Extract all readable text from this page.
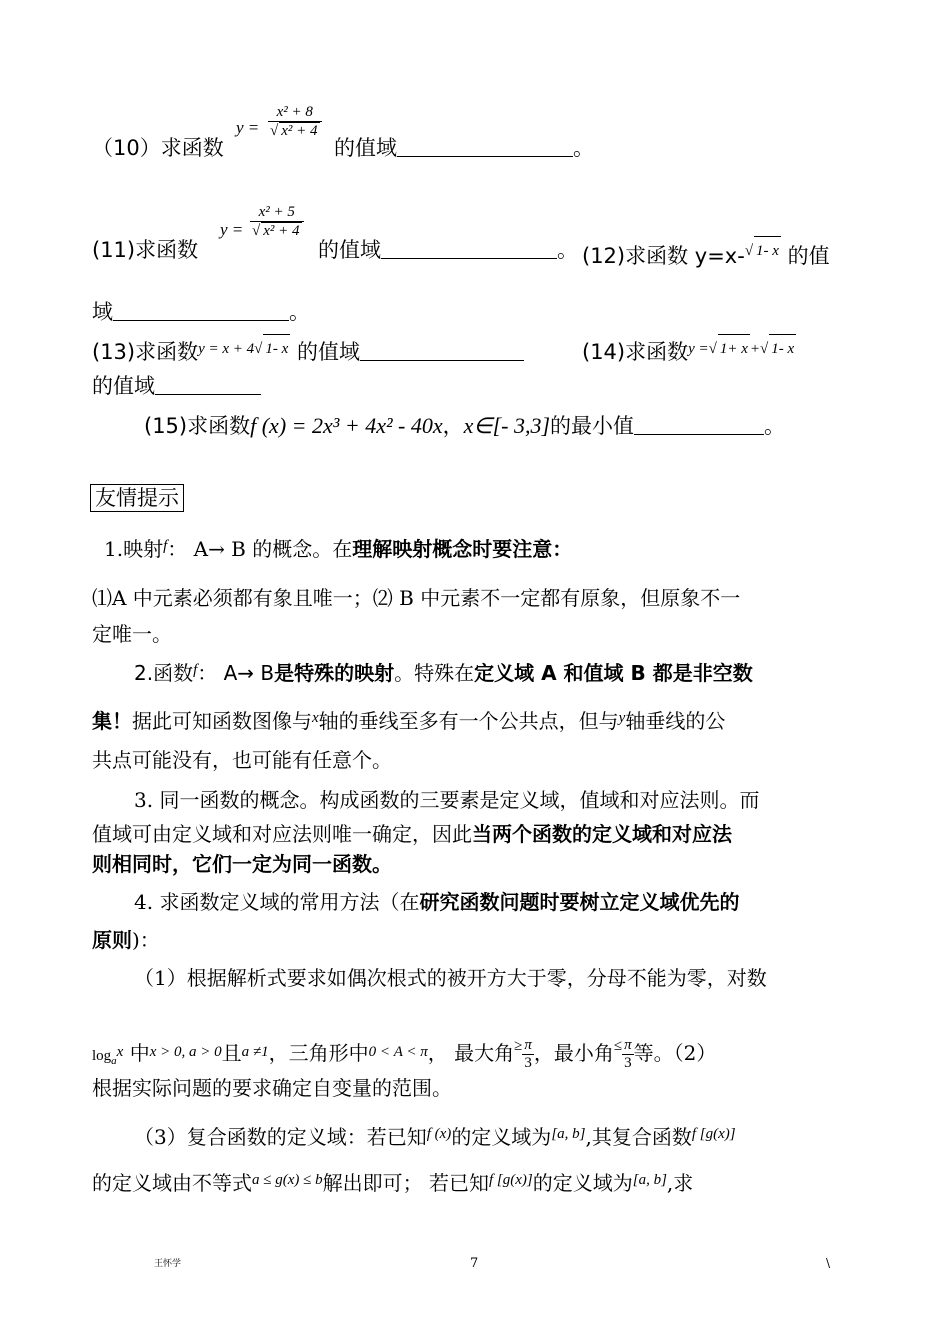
（10）求函数
$y = \frac{\text{x² + 8}}{\text{√ x² + 4}}$
的值域	。
(11)求函数
$y = \frac{\text{x² + 5}}{\text{√ x² + 4}}$
的值域	。 (12)求函数 y=x-$^{√ 1- x}$ 的值
域	。
(13)求函数$^{y = x + 4√ 1- x}$ 的值域	(14)求函数$^{y =√ 1+ x}$ $^{+√ 1- x}$
的值域
(15)求函数f (x) = 2x³ + 4x² - 40x，x∈[- 3,3]的最小值	。
友情提示
1.映射$^f$： A→ B 的概念。在理解映射概念时要注意：
⑴A 中元素必须都有象且唯一；⑵ B 中元素不一定都有原象，但原象不一
定唯一。
2.函数$^f$： A→ B是特殊的映射。特殊在定义域 A 和值域 B 都是非空数
集！据此可知函数图像与$^x$轴的垂线至多有一个公共点，但与$^y$轴垂线的公
共点可能没有，也可能有任意个。
3. 同一函数的概念。构成函数的三要素是定义域，值域和对应法则。而
值域可由定义域和对应法则唯一确定，因此当两个函数的定义域和对应法
则相同时，它们一定为同一函数。
4. 求函数定义域的常用方法（在研究函数问题时要树立定义域优先的
原则)：
（1）根据解析式要求如偶次根式的被开方大于零，分母不能为零，对数
$\log_a^x$ 中$^{x > 0, a > 0}$且$^{a \ne 1}$，三角形中$^{0 < A < \pi}$， 最大角$^\ge \frac{\pi}{3}$ ，最小角$^\le \frac{\pi}{3}$ 等。（2）
根据实际问题的要求确定自变量的范围。
（3）复合函数的定义域：若已知$^{f (x)}$的定义域为[a, b],其复合函数$^{f [g(x)]}$
的定义域由不等式$^{a \le g(x) \le b}$解出即可； 若已知$^{f [g(x)]}$的定义域为[a, b],求
王怀学	7	\
